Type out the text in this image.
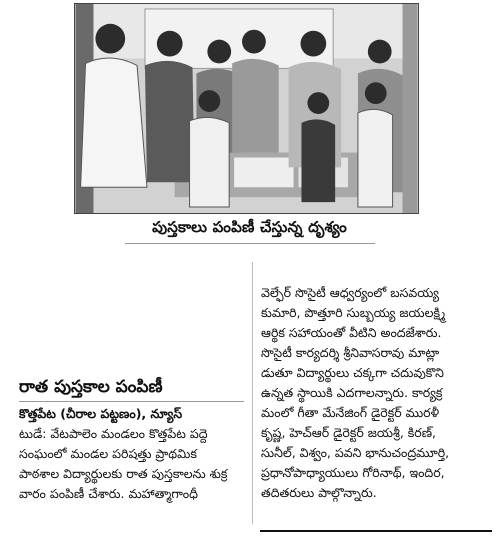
పుస్తకాలు పంపిణీ చేస్తున్న దృశ్యం
రాత పుస్తకాల పంపిణీ
కొత్తపేట (చీరాల పట్టణం), న్యూస్
టుడే: వేటపాలెం మండలం కొత్తపేట పద్దె
సంఘంలో మండల పరిషత్తు ప్రాథమిక
పాఠశాల విద్యార్థులకు రాత పుస్తకాలను శుక్ర
వారం పంపిణీ చేశారు. మహాత్మాగాంధీ
వెల్ఫేర్ సొసైటీ ఆధ్వర్యంలో బసవయ్య
కుమారి, పొత్తూరి సుబ్బయ్య జయలక్ష్మి
ఆర్థిక సహాయంతో వీటిని అందజేశారు.
సొసైటీ కార్యదర్శి శ్రీనివాసరావు మాట్లా
డుతూ విద్యార్థులు చక్కగా చదువుకొని
ఉన్నత స్థాయికి ఎదగాలన్నారు. కార్యక్ర
మంలో గీతా మేనేజింగ్ డైరెక్టర్ మురళీ
కృష్ణ, హెచ్ఆర్ డైరెక్టర్ జయశ్రీ, కిరణ్,
సునీల్, విశ్వం, పవని భానుచంద్రమూర్తి,
ప్రధానోపాధ్యాయులు గోరినాథ్, ఇందిర,
తదితరులు పాల్గొన్నారు.
